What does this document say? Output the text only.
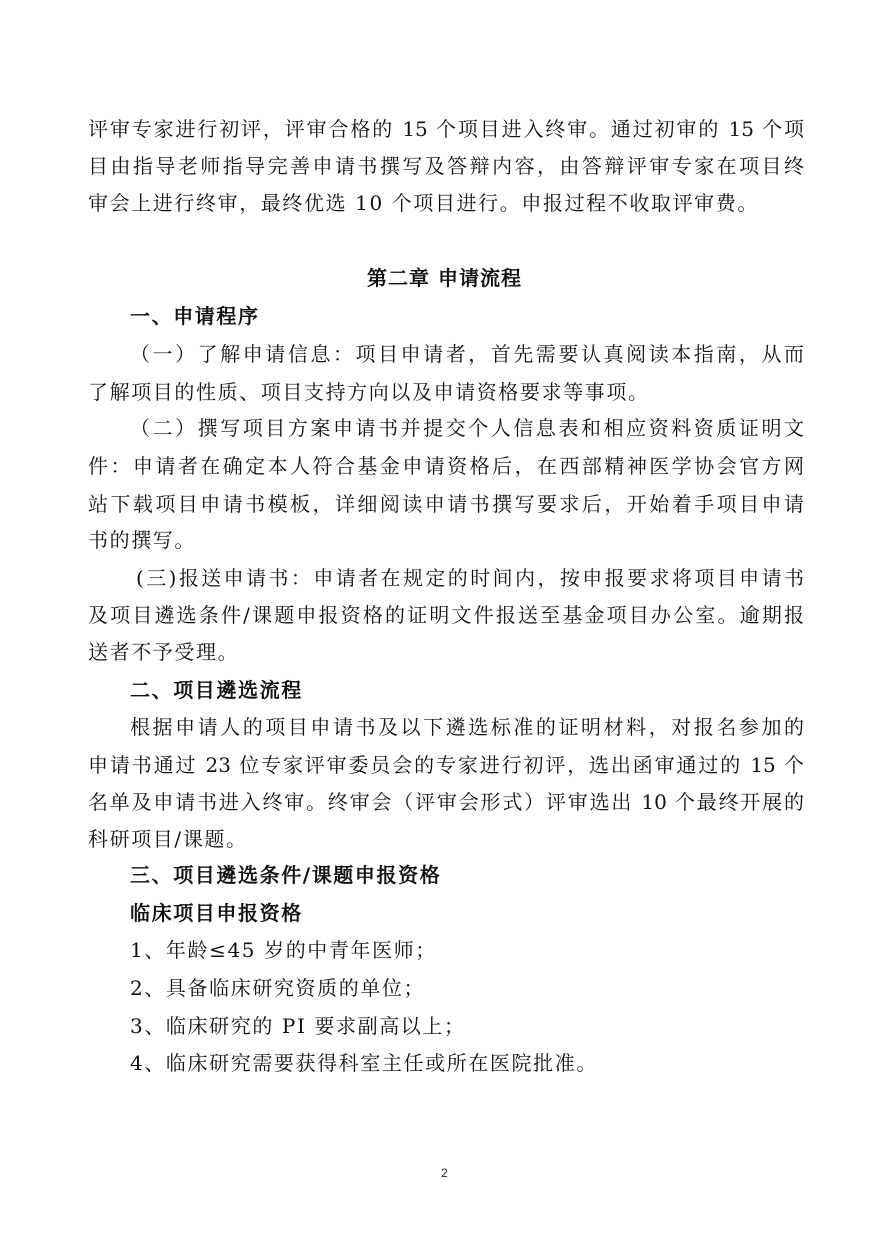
评审专家进行初评，评审合格的 15 个项目进入终审。通过初审的 15 个项
目由指导老师指导完善申请书撰写及答辩内容，由答辩评审专家在项目终
审会上进行终审，最终优选 10 个项目进行。申报过程不收取评审费。
第二章 申请流程
一、申请程序
（一）了解申请信息：项目申请者，首先需要认真阅读本指南，从而
了解项目的性质、项目支持方向以及申请资格要求等事项。
（二）撰写项目方案申请书并提交个人信息表和相应资料资质证明文
件：申请者在确定本人符合基金申请资格后，在西部精神医学协会官方网
站下载项目申请书模板，详细阅读申请书撰写要求后，开始着手项目申请
书的撰写。
(三)报送申请书：申请者在规定的时间内，按申报要求将项目申请书
及项目遴选条件/课题申报资格的证明文件报送至基金项目办公室。逾期报
送者不予受理。
二、项目遴选流程
根据申请人的项目申请书及以下遴选标准的证明材料，对报名参加的
申请书通过 23 位专家评审委员会的专家进行初评，选出函审通过的 15 个
名单及申请书进入终审。终审会（评审会形式）评审选出 10 个最终开展的
科研项目/课题。
三、项目遴选条件/课题申报资格
临床项目申报资格
1、年龄≤45 岁的中青年医师；
2、具备临床研究资质的单位；
3、临床研究的 PI 要求副高以上；
4、临床研究需要获得科室主任或所在医院批准。
2
